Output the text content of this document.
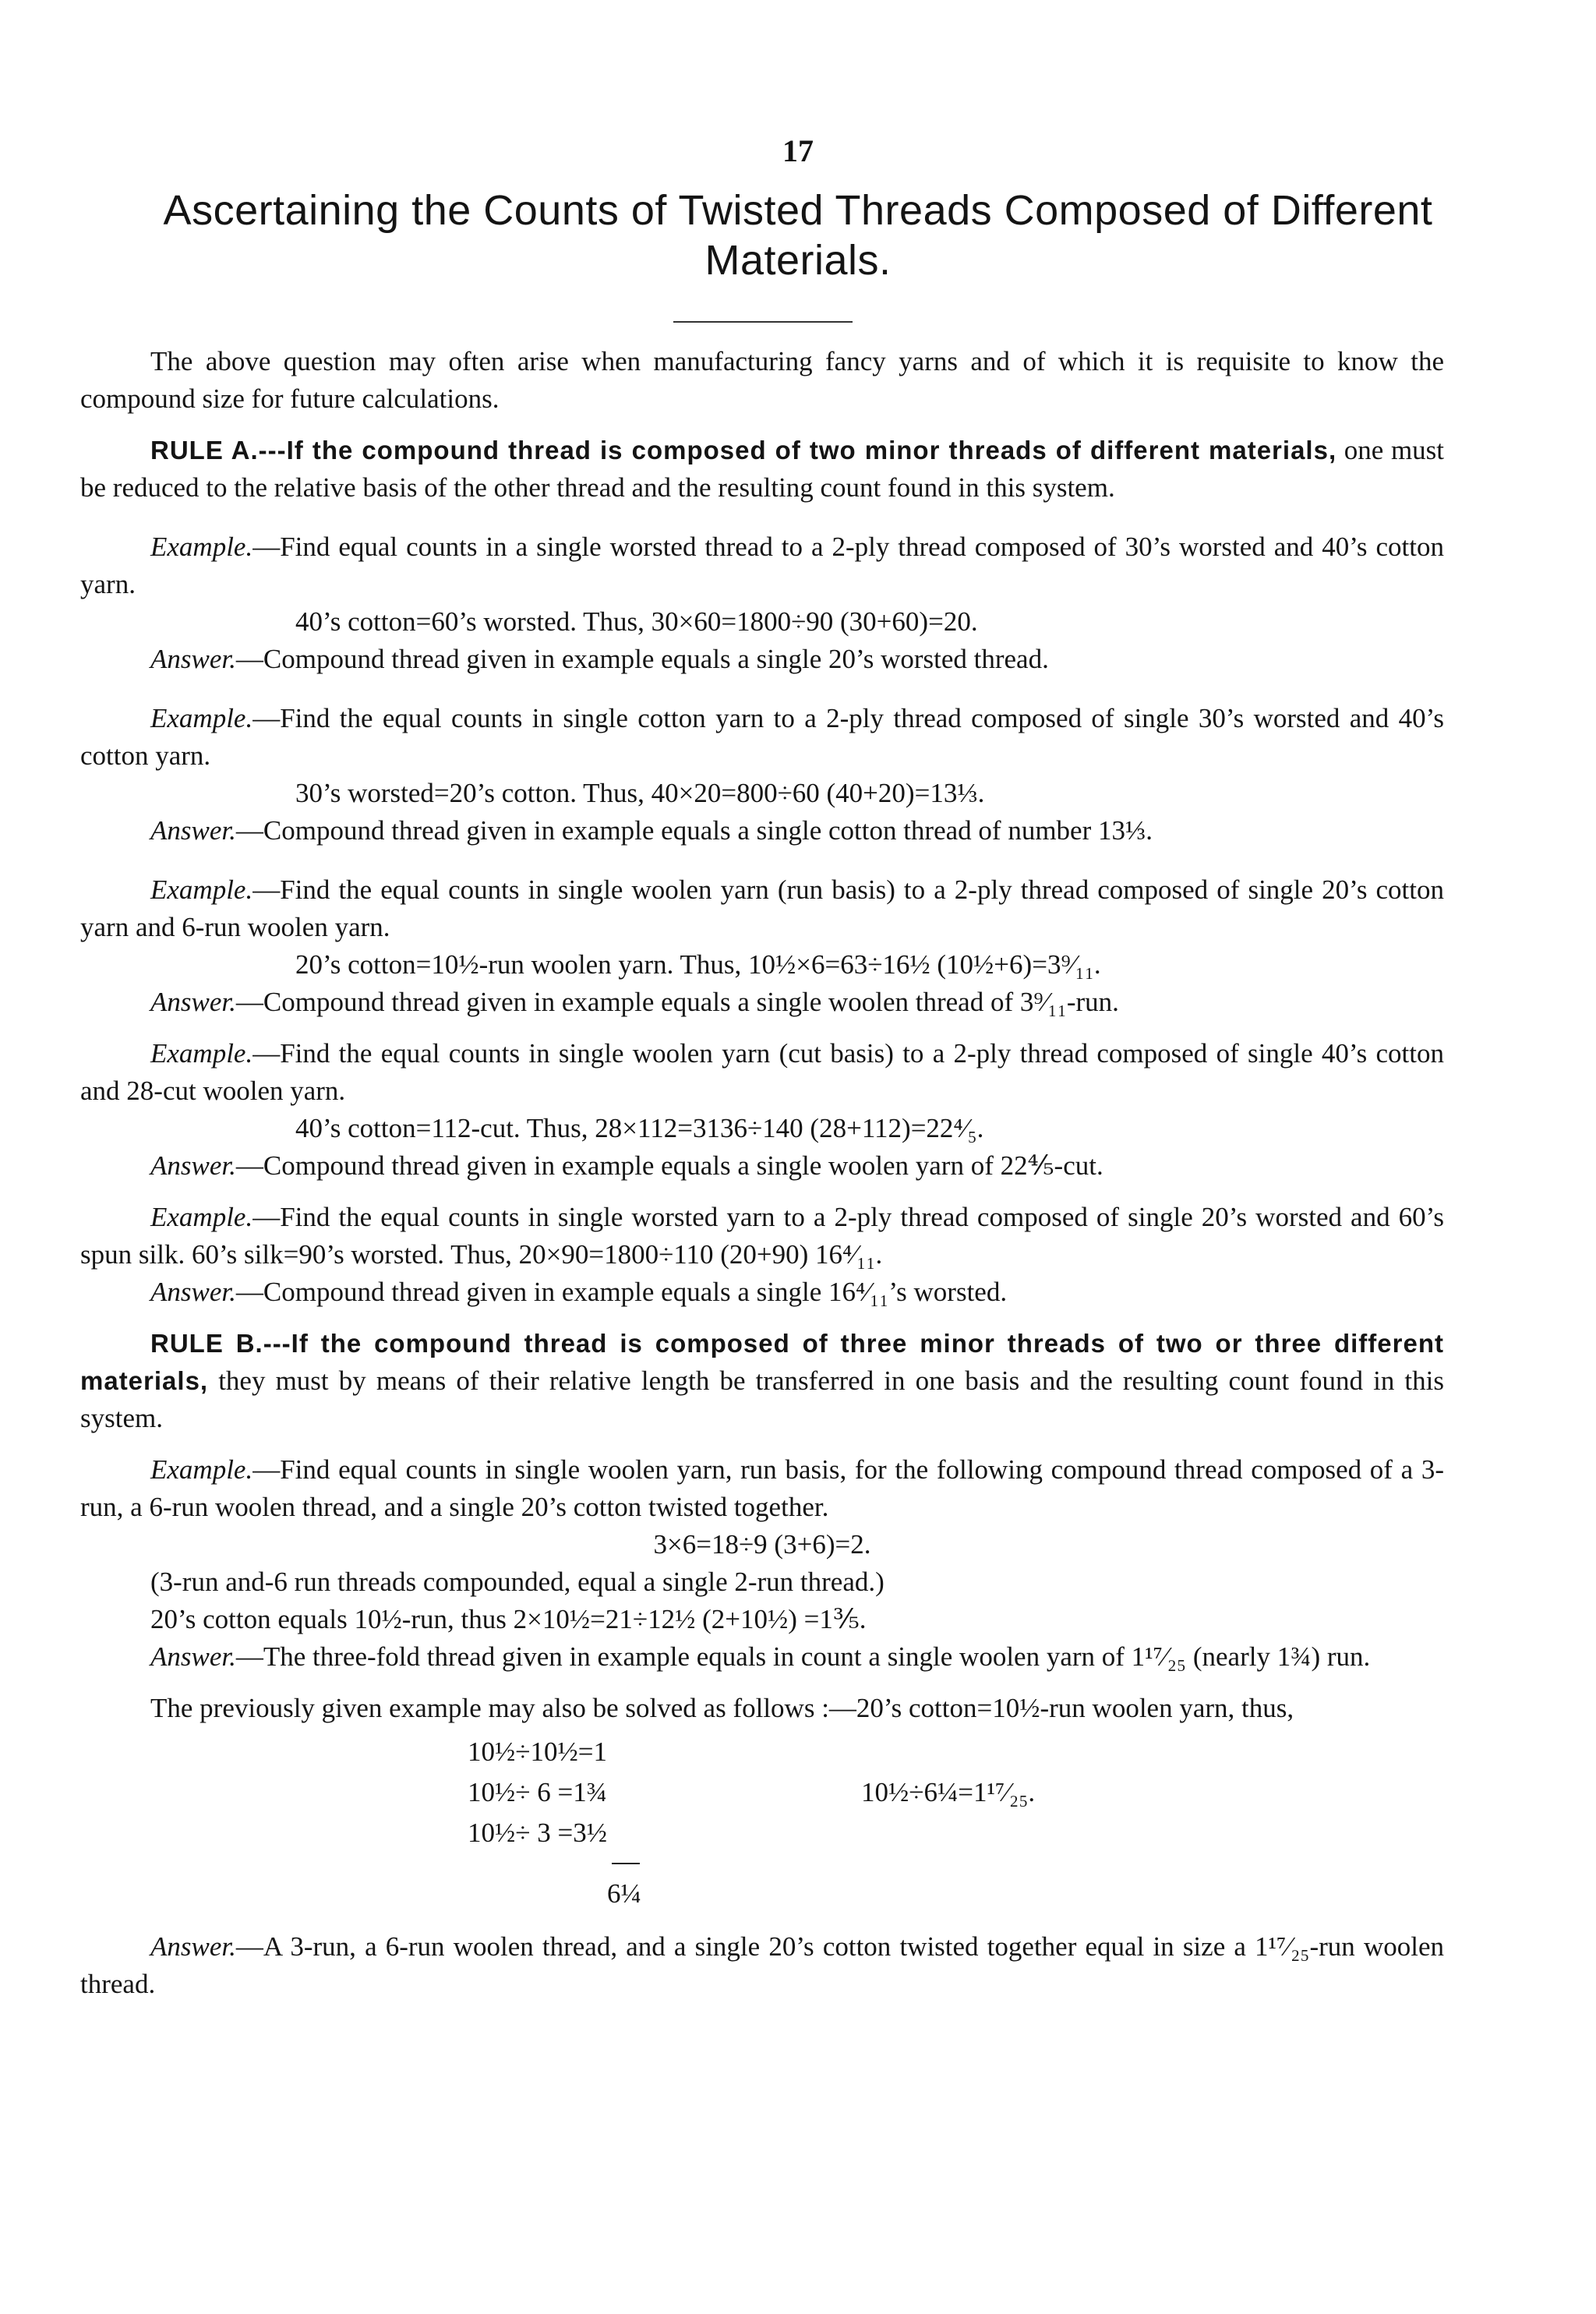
17
Ascertaining the Counts of Twisted Threads Composed of Different Materials.

The above question may often arise when manufacturing fancy yarns and of which it is requisite to know the compound size for future calculations.

RULE A.---If the compound thread is composed of two minor threads of different materials, one must be reduced to the relative basis of the other thread and the resulting count found in this system.

Example.—Find equal counts in a single worsted thread to a 2-ply thread composed of 30’s worsted and 40’s cotton yarn.

40’s cotton=60’s worsted. Thus, 30×60=1800÷90 (30+60)=20.

Answer.—Compound thread given in example equals a single 20’s worsted thread.

Example.—Find the equal counts in single cotton yarn to a 2-ply thread composed of single 30’s worsted and 40’s cotton yarn.

30’s worsted=20’s cotton. Thus, 40×20=800÷60 (40+20)=13⅓.

Answer.—Compound thread given in example equals a single cotton thread of number 13⅓.

Example.—Find the equal counts in single woolen yarn (run basis) to a 2-ply thread composed of single 20’s cotton yarn and 6-run woolen yarn.

20’s cotton=10½-run woolen yarn. Thus, 10½×6=63÷16½ (10½+6)=3⁹⁄₁₁.

Answer.—Compound thread given in example equals a single woolen thread of 3⁹⁄₁₁-run.

Example.—Find the equal counts in single woolen yarn (cut basis) to a 2-ply thread composed of single 40’s cotton and 28-cut woolen yarn.

40’s cotton=112-cut. Thus, 28×112=3136÷140 (28+112)=22⁴⁄₅.

Answer.—Compound thread given in example equals a single woolen yarn of 22⅘-cut.

Example.—Find the equal counts in single worsted yarn to a 2-ply thread composed of single 20’s worsted and 60’s spun silk. 60’s silk=90’s worsted. Thus, 20×90=1800÷110 (20+90) 16⁴⁄₁₁.

Answer.—Compound thread given in example equals a single 16⁴⁄₁₁’s worsted.

RULE B.---If the compound thread is composed of three minor threads of two or three different materials, they must by means of their relative length be transferred in one basis and the resulting count found in this system.

Example.—Find equal counts in single woolen yarn, run basis, for the following compound thread composed of a 3-run, a 6-run woolen thread, and a single 20’s cotton twisted together.

3×6=18÷9 (3+6)=2.

(3-run and-6 run threads compounded, equal a single 2-run thread.)

20’s cotton equals 10½-run, thus 2×10½=21÷12½ (2+10½) =1⅗.

Answer.—The three-fold thread given in example equals in count a single woolen yarn of 1¹⁷⁄₂₅ (nearly 1¾) run.

The previously given example may also be solved as follows :—20’s cotton=10½-run woolen yarn, thus,

10½÷10½=1
10½÷ 6 =1¾
10½÷ 3 =3½
6¼
10½÷6¼=1¹⁷⁄₂₅.

Answer.—A 3-run, a 6-run woolen thread, and a single 20’s cotton twisted together equal in size a 1¹⁷⁄₂₅-run woolen thread.
